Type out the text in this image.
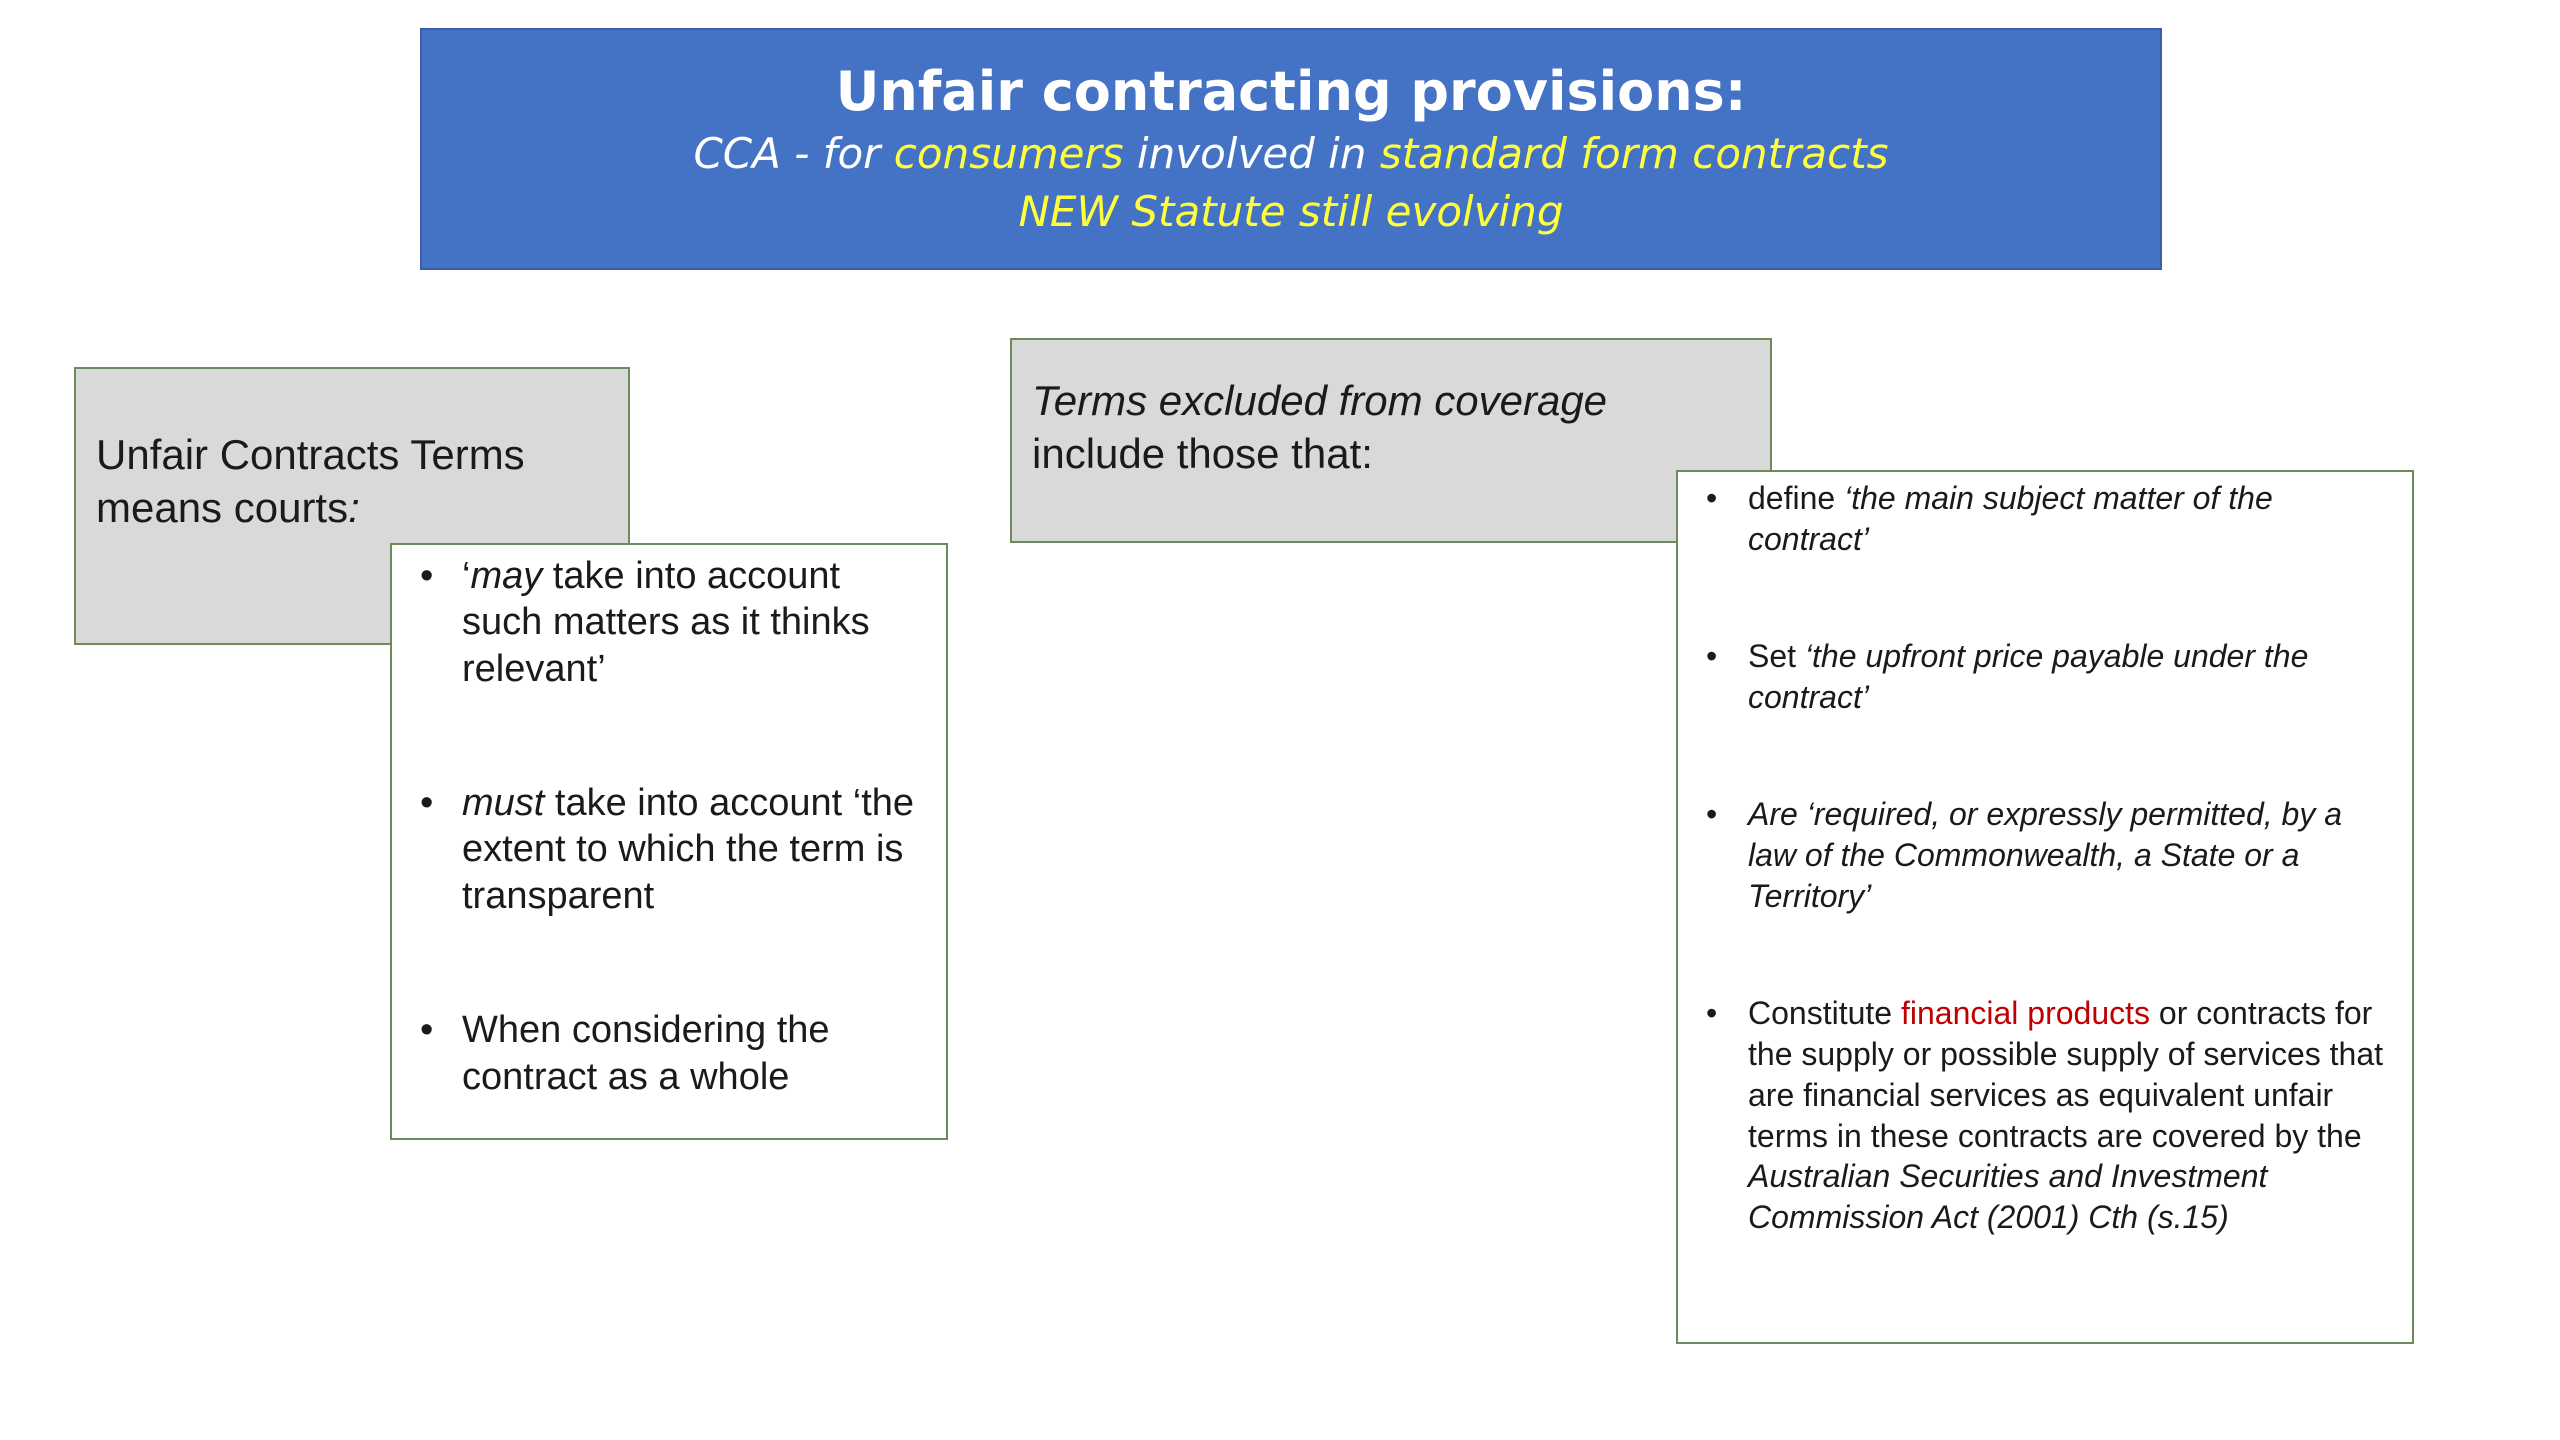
Unfair contracting provisions:
CCA - for consumers involved in standard form contracts
NEW Statute still evolving
Unfair Contracts Terms
means courts:
• ‘may take into account such matters as it thinks relevant’
• must take into account ‘the extent to which the term is transparent
• When considering the contract as a whole
Terms excluded from coverage
include those that:
• define ‘the main subject matter of the contract’
• Set ‘the upfront price payable under the contract’
• Are ‘required, or expressly permitted, by a law of the Commonwealth, a State or a Territory’
• Constitute financial products or contracts for the supply or possible supply of services that are financial services as equivalent unfair terms in these contracts are covered by the Australian Securities and Investment Commission Act (2001) Cth (s.15)
